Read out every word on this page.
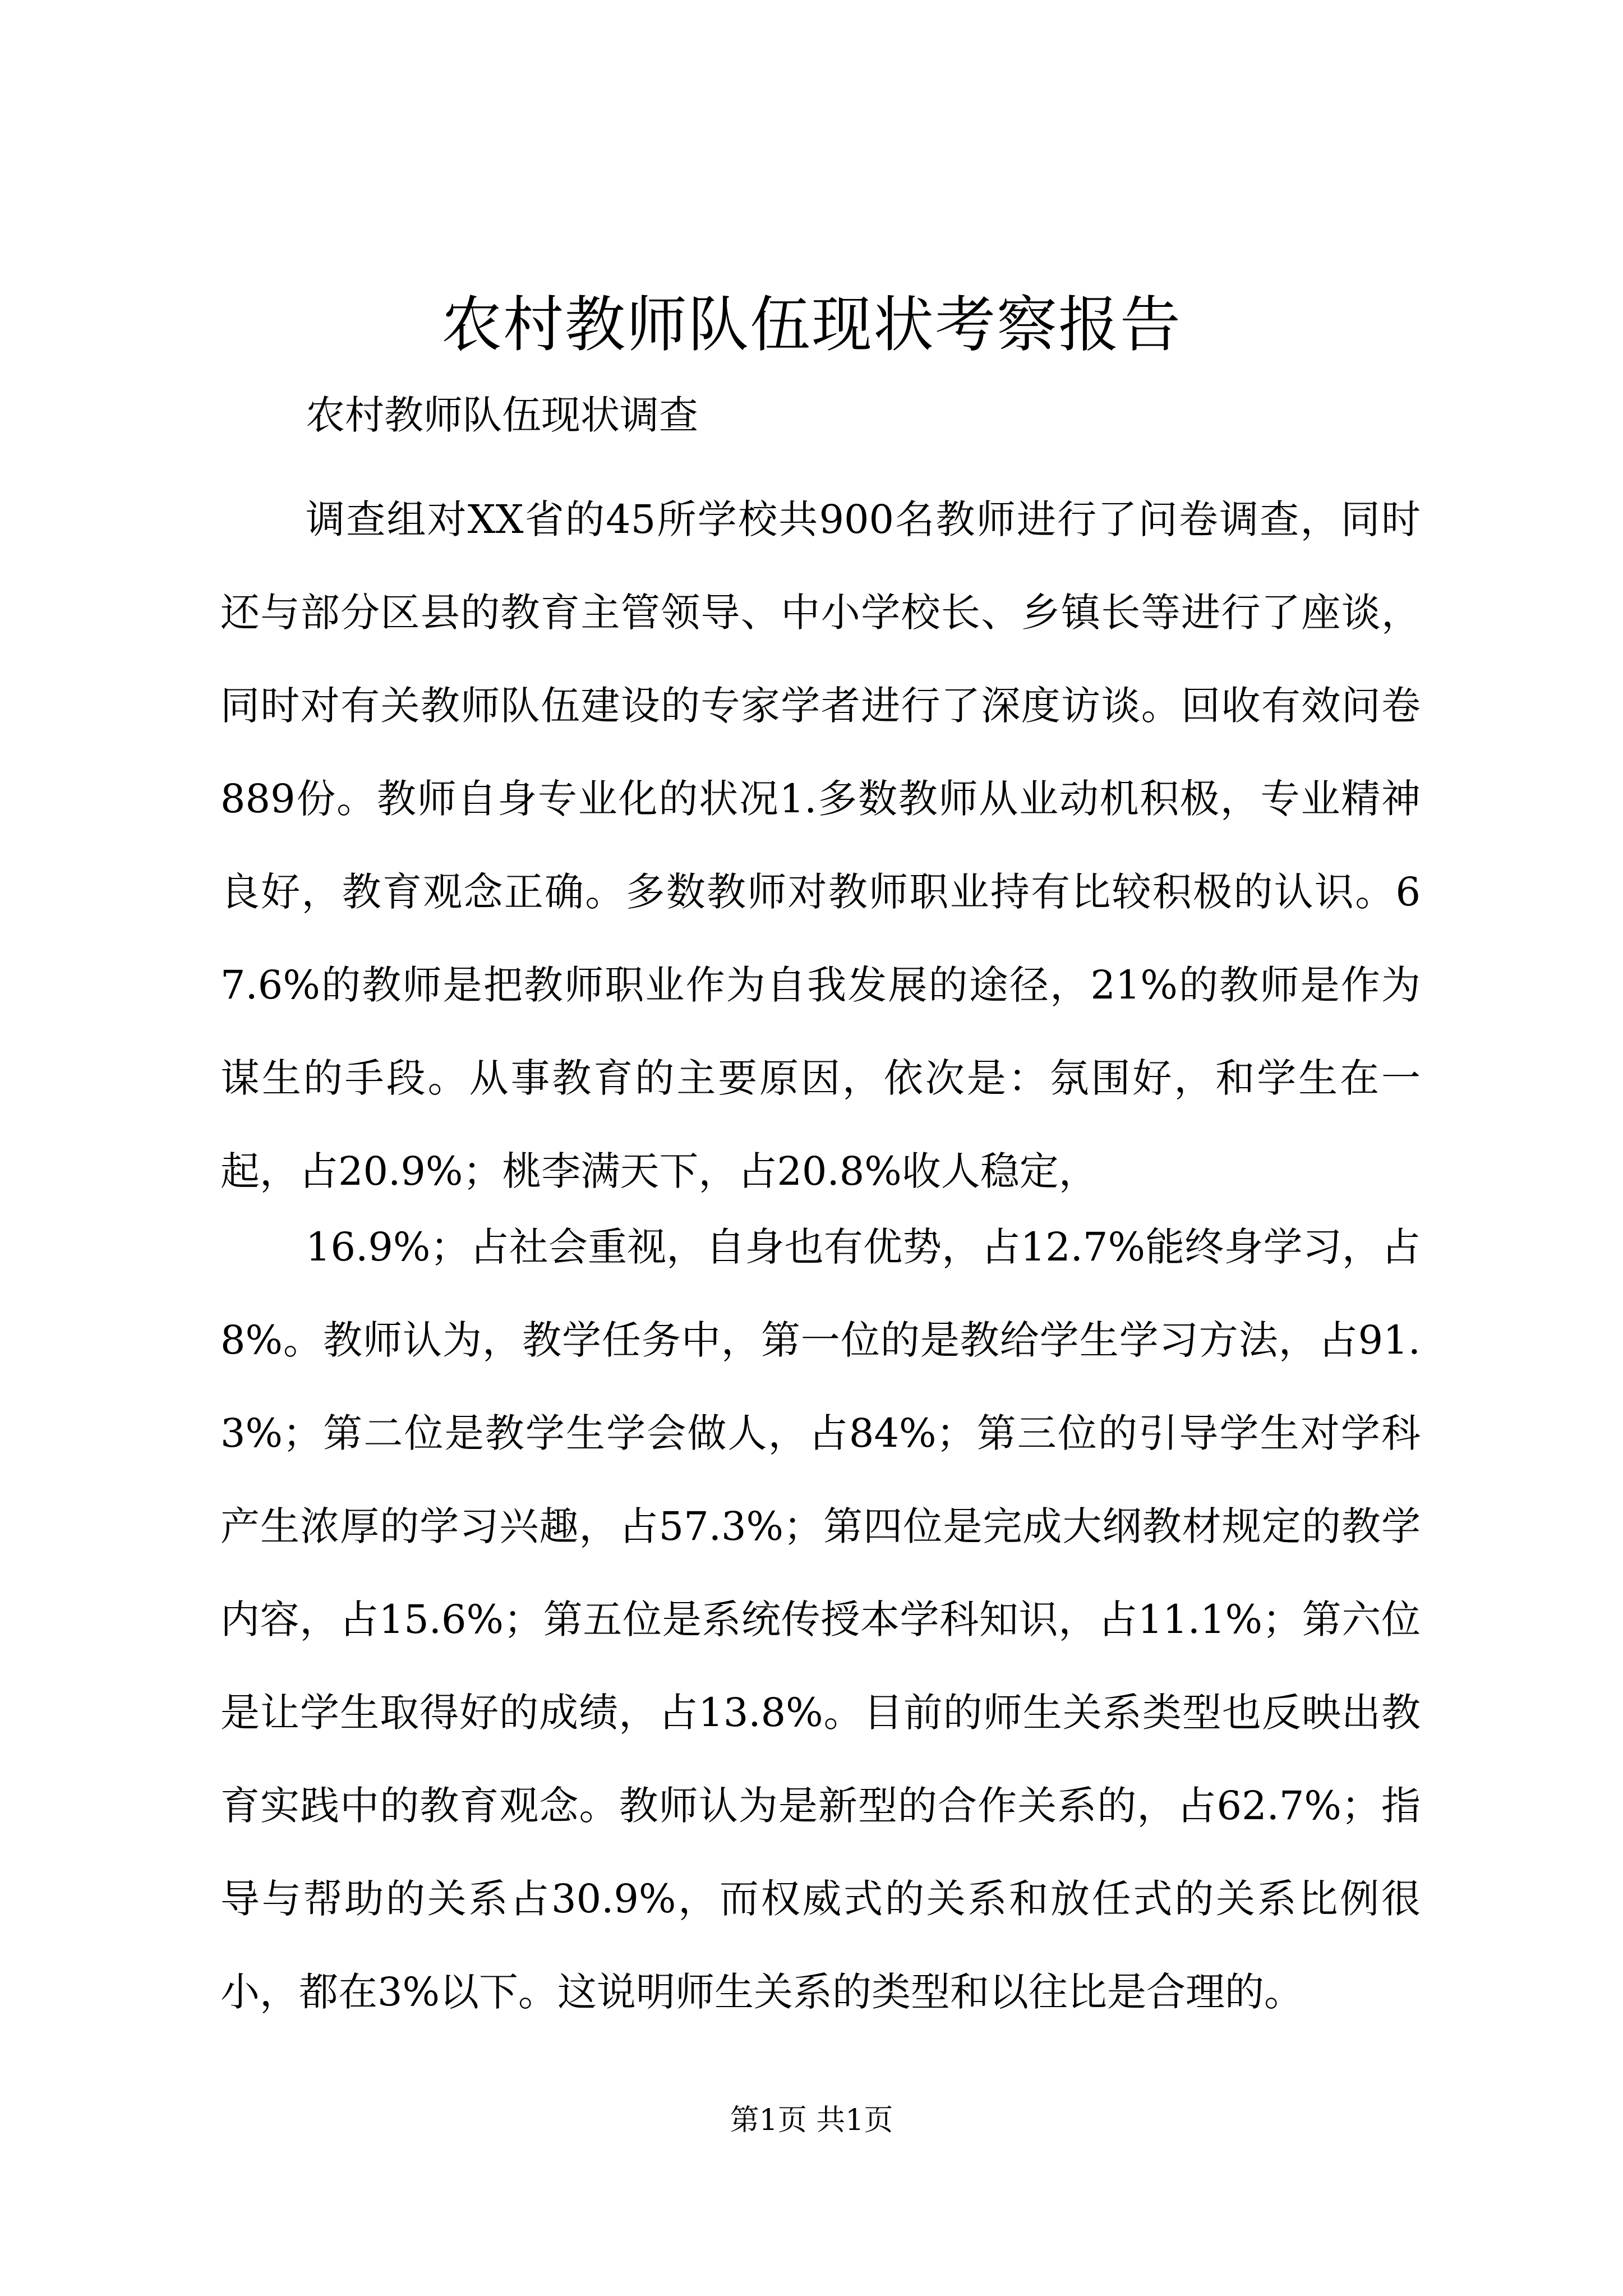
农村教师队伍现状考察报告

农村教师队伍现状调查

调查组对XX省的45所学校共900名教师进行了问卷调查，同时还与部分区县的教育主管领导、中小学校长、乡镇长等进行了座谈，同时对有关教师队伍建设的专家学者进行了深度访谈。回收有效问卷889份。教师自身专业化的状况1.多数教师从业动机积极，专业精神良好，教育观念正确。多数教师对教师职业持有比较积极的认识。67.6%的教师是把教师职业作为自我发展的途径，21%的教师是作为谋生的手段。从事教育的主要原因，依次是：氛围好，和学生在一起，占20.9%；桃李满天下，占20.8%收人稳定，

16.9%；占社会重视，自身也有优势，占12.7%能终身学习，占8%。教师认为，教学任务中，第一位的是教给学生学习方法，占91.3%；第二位是教学生学会做人，占84%；第三位的引导学生对学科产生浓厚的学习兴趣，占57.3%；第四位是完成大纲教材规定的教学内容，占15.6%；第五位是系统传授本学科知识，占11.1%；第六位是让学生取得好的成绩，占13.8%。目前的师生关系类型也反映出教育实践中的教育观念。教师认为是新型的合作关系的，占62.7%；指导与帮助的关系占30.9%，而权威式的关系和放任式的关系比例很小，都在3%以下。这说明师生关系的类型和以往比是合理的。

第1页 共1页
